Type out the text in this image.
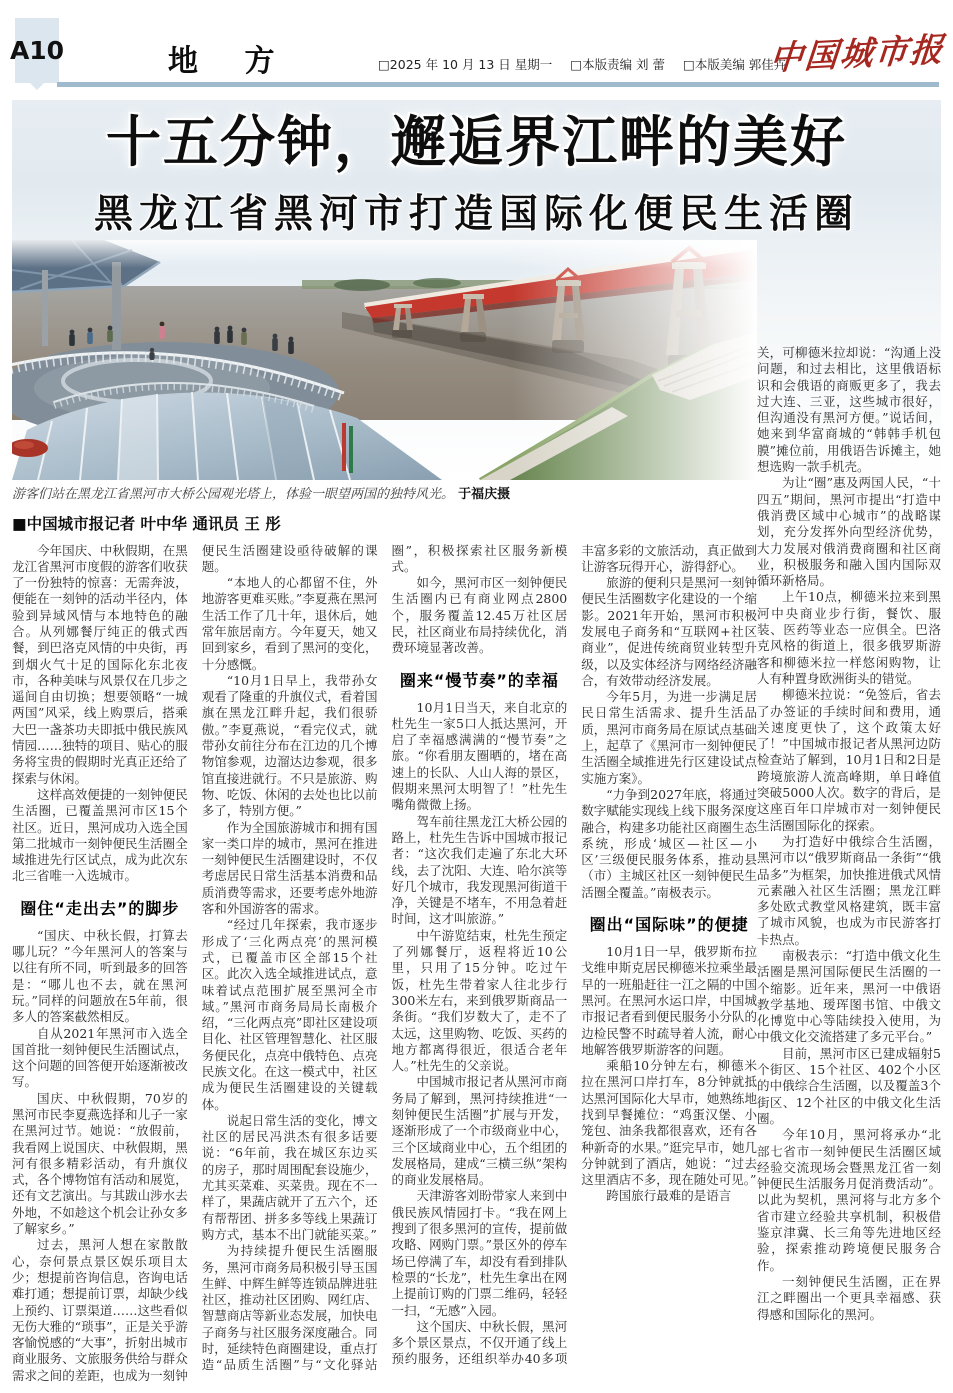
A10	地 方	□2025 年 10 月 13 日 星期一 □本版责编 刘 蕾 □本版美编 郭佳卉
中国城市报
十五分钟，邂逅界江畔的美好
黑龙江省黑河市打造国际化便民生活圈
游客们站在黑龙江省黑河市大桥公园观光塔上，体验一眼望两国的独特风光。 于福庆摄
■中国城市报记者 叶中华 通讯员 王 彤

今年国庆、中秋假期，在黑龙江省黑河市度假的游客们收获了一份独特的惊喜：无需奔波，便能在一刻钟的活动半径内，体验到异域风情与本地特色的融合。从列娜餐厅纯正的俄式西餐，到巴洛克风情的中央街，再到烟火气十足的国际化东北夜市，各种美味与风景仅在几步之遥间自由切换；想要领略“一城两国”风采，线上购票后，搭乘大巴一盏茶功夫即抵中俄民族风情园……独特的项目、贴心的服务将宝贵的假期时光真正还给了探索与休闲。

这样高效便捷的一刻钟便民生活圈，已覆盖黑河市区15个社区。近日，黑河成功入选全国第二批城市一刻钟便民生活圈全域推进先行区试点，成为此次东北三省唯一入选城市。

圈住“走出去”的脚步

“国庆、中秋长假，打算去哪儿玩？”今年黑河人的答案与以往有所不同，听到最多的回答是：“哪儿也不去，就在黑河玩。”同样的问题放在5年前，很多人的答案截然相反。

自从2021年黑河市入选全国首批一刻钟便民生活圈试点，这个问题的回答便开始逐渐被改写。

国庆、中秋假期，70岁的黑河市民李夏燕选择和儿子一家在黑河过节。她说：“放假前，我看网上说国庆、中秋假期，黑河有很多精彩活动，有升旗仪式，各个博物馆有活动和展览，还有文艺演出。与其跋山涉水去外地，不如趁这个机会让孙女多了解家乡。”

过去，黑河人想在家散散心，奈何景点景区娱乐项目太少；想提前咨询信息，咨询电话难打通；想提前订票，却缺少线上预约、订票渠道……这些看似无伤大雅的“琐事”，正是关乎游客愉悦感的“大事”，折射出城市商业服务、文旅服务供给与群众需求之间的差距，也成为一刻钟便民生活圈建设亟待破解的课题。

“本地人的心都留不住，外地游客更难买账。”李夏燕在黑河生活工作了几十年，退休后，她常年旅居南方。今年夏天，她又回到家乡，看到了黑河的变化，十分感慨。

“10月1日早上，我带孙女观看了隆重的升旗仪式，看着国旗在黑龙江畔升起，我们很骄傲。”李夏燕说，“看完仪式，就带孙女前往分布在江边的几个博物馆参观，边溜达边参观，很多馆直接进就行。不只是旅游、购物、吃饭、休闲的去处也比以前多了，特别方便。”

作为全国旅游城市和拥有国家一类口岸的城市，黑河在推进一刻钟便民生活圈建设时，不仅考虑居民日常生活基本消费和品质消费等需求，还要考虑外地游客和外国游客的需求。

“经过几年探索，我市逐步形成了‘三化两点亮’的黑河模式，已覆盖市区全部15个社区。此次入选全域推进试点，意味着试点范围扩展至黑河全市域。”黑河市商务局局长南极介绍，“三化两点亮”即社区建设项目化、社区管理智慧化、社区服务便民化，点亮中俄特色、点亮民族文化。在这一模式中，社区成为便民生活圈建设的关键载体。

说起日常生活的变化，博文社区的居民冯洪杰有很多话要说：“6年前，我在城区东边买的房子，那时周围配套设施少，尤其买菜难、买菜贵。现在不一样了，果蔬店就开了五六个，还有帮帮团、拼多多等线上果蔬订购方式，基本不出门就能买菜。”

为持续提升便民生活圈服务，黑河市商务局积极引导玉国生鲜、中辉生鲜等连锁品牌进驻社区，推动社区团购、网红店、智慧商店等新业态发展，加快电子商务与社区服务深度融合。同时，延续特色商圈建设，重点打造“品质生活圈”与“文化驿站圈”，积极探索社区服务新模式。

如今，黑河市区一刻钟便民生活圈内已有商业网点2800个，服务覆盖12.45万社区居民，社区商业布局持续优化，消费环境显著改善。

圈来“慢节奏”的幸福

10月1日当天，来自北京的杜先生一家5口人抵达黑河，开启了幸福感满满的“慢节奏”之旅。“你看朋友圈晒的，堵在高速上的长队、人山人海的景区，假期来黑河太明智了！”杜先生嘴角微微上扬。

驾车前往黑龙江大桥公园的路上，杜先生告诉中国城市报记者：“这次我们走遍了东北大环线，去了沈阳、大连、哈尔滨等好几个城市，我发现黑河街道干净，关键是不堵车，不用急着赶时间，这才叫旅游。”

中午游览结束，杜先生预定了列娜餐厅，返程将近10公里，只用了15分钟。吃过午饭，杜先生带着家人往北步行300米左右，来到俄罗斯商品一条街。“我们岁数大了，走不了太远，这里购物、吃饭、买药的地方都离得很近，很适合老年人。”杜先生的父亲说。

中国城市报记者从黑河市商务局了解到，黑河持续推进“一刻钟便民生活圈”扩展与开发，逐渐形成了一个市级商业中心，三个区域商业中心，五个组团的发展格局，建成“三横三纵”架构的商业发展格局。

天津游客刘盼带家人来到中俄民族风情园打卡。“我在网上搜到了很多黑河的宣传，提前做攻略、网购门票。”景区外的停车场已停满了车，却没有看到排队检票的“长龙”，杜先生拿出在网上提前订购的门票二维码，轻轻一扫，“无感”入园。

这个国庆、中秋长假，黑河多个景区景点，不仅开通了线上预约服务，还组织举办40多项丰富多彩的文旅活动，真正做到让游客玩得开心，游得舒心。

旅游的便利只是黑河一刻钟便民生活圈数字化建设的一个缩影。2021年开始，黑河市积极发展电子商务和“互联网+社区商业”，促进传统商贸业转型升级，以及实体经济与网络经济融合，有效带动经济发展。

今年5月，为进一步满足居民日常生活需求、提升生活品质，黑河市商务局在原试点基础上，起草了《黑河市一刻钟便民生活圈全域推进先行区建设试点实施方案》。

“力争到2027年底，将通过数字赋能实现线上线下服务深度融合，构建多功能社区商圈生态系统，形成‘城区—社区—小区’三级便民服务体系，推动县（市）主城区社区一刻钟便民生活圈全覆盖。”南极表示。

圈出“国际味”的便捷

10月1日一早，俄罗斯布拉戈维申斯克居民柳德米拉乘坐最早的一班船赶往一江之隔的中国黑河。在黑河水运口岸，中国城市报记者看到便民服务小分队的边检民警不时疏导着人流，耐心地解答俄罗斯游客的问题。

乘船10分钟左右，柳德米拉在黑河口岸打车，8分钟就抵达黑河国际化大早市，她熟练地找到早餐摊位：“鸡蛋汉堡、小笼包、油条我都很喜欢，还有各种新奇的水果。”逛完早市，她几分钟就到了酒店，她说：“过去这里酒店不多，现在随处可见。”

跨国旅行最难的是语言

关，可柳德米拉却说：“沟通上没问题，和过去相比，这里俄语标识和会俄语的商贩更多了，我去过大连、三亚，这些城市很好，但沟通没有黑河方便。”说话间，她来到华富商城的“韩韩手机包膜”摊位前，用俄语告诉摊主，她想选购一款手机壳。

为让“圈”惠及两国人民，“十四五”期间，黑河市提出“打造中俄消费区域中心城市”的战略谋划，充分发挥外向型经济优势，大力发展对俄消费商圈和社区商业，积极服务和融入国内国际双循环新格局。

上午10点，柳德米拉来到黑河中央商业步行街，餐饮、服装、医药等业态一应俱全。巴洛克风格的街道上，很多俄罗斯游客和柳德米拉一样悠闲购物，让人有种置身欧洲街头的错觉。

柳德米拉说：“免签后，省去了办签证的手续时间和费用，通关速度更快了，这个政策太好了！”中国城市报记者从黑河边防检查站了解到，10月1日和2日是跨境旅游人流高峰期，单日峰值突破5000人次。数字的背后，是这座百年口岸城市对一刻钟便民生活圈国际化的探索。

为打造好中俄综合生活圈，黑河市以“俄罗斯商品一条街”“俄品多”为框架，加快推进俄式风情元素融入社区生活圈；黑龙江畔多处欧式教堂风格建筑，既丰富了城市风貌，也成为市民游客打卡热点。

南极表示：“打造中俄文化生活圈是黑河国际便民生活圈的一个缩影。近年来，黑河一中俄语教学基地、瑷珲图书馆、中俄文化博览中心等陆续投入使用，为中俄文化交流搭建了多元平台。”

目前，黑河市区已建成辐射5个街区、15个社区、402个小区的中俄综合生活圈，以及覆盖3个街区、12个社区的中俄文化生活圈。

今年10月，黑河将承办“北部七省市一刻钟便民生活圈区域经验交流现场会暨黑龙江省一刻钟便民生活服务月促消费活动”。以此为契机，黑河将与北方多个省市建立经验共享机制，积极借鉴京津冀、长三角等先进地区经验，探索推动跨境便民服务合作。

一刻钟便民生活圈，正在界江之畔圈出一个更具幸福感、获得感和国际化的黑河。
